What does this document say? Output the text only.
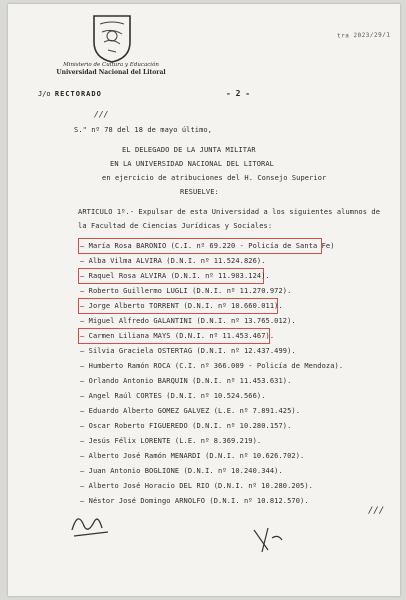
Ministerio de Cultura y Educación
Universidad Nacional del Litoral
tra 2023/29/1
J/o RECTORADO	- 2 -
///
S." nº 78 del 18 de mayo último,
EL DELEGADO DE LA JUNTA MILITAR
EN LA UNIVERSIDAD NACIONAL DEL LITORAL
en ejercicio de atribuciones del H. Consejo Superior
RESUELVE:
ARTICULO 1º.- Expulsar de esta Universidad a los siguientes alumnos de
la Facultad de Ciencias Jurídicas y Sociales:
— María Rosa BARONIO (C.I. nº 69.220 - Policía de Santa Fe)
— Alba Vilma ALVIRA (D.N.I. nº 11.524.826).
— Raquel Rosa ALVIRA (D.N.I. nº 11.903.124).
— Roberto Guillermo LUGLI (D.N.I. nº 11.270.972).
— Jorge Alberto TORRENT (D.N.I. nº 10.660.011).
— Miguel Alfredo GALANTINI (D.N.I. nº 13.765.012).
— Carmen Liliana MAYS (D.N.I. nº 11.453.467).
— Silvia Graciela OSTERTAG (D.N.I. nº 12.437.499).
— Humberto Ramón ROCA (C.I. nº 366.009 - Policía de Mendoza).
— Orlando Antonio BARQUIN (D.N.I. nº 11.453.631).
— Angel Raúl CORTES (D.N.I. nº 10.524.566).
— Eduardo Alberto GOMEZ GALVEZ (L.E. nº 7.891.425).
— Oscar Roberto FIGUEREDO (D.N.I. nº 10.280.157).
— Jesús Félix LORENTE (L.E. nº 8.369.219).
— Alberto José Ramón MENARDI (D.N.I. nº 10.626.702).
— Juan Antonio BOGLIONE (D.N.I. nº 10.240.344).
— Alberto José Horacio DEL RIO (D.N.I. nº 10.280.205).
— Néstor José Domingo ARNOLFO (D.N.I. nº 10.812.570).
///
